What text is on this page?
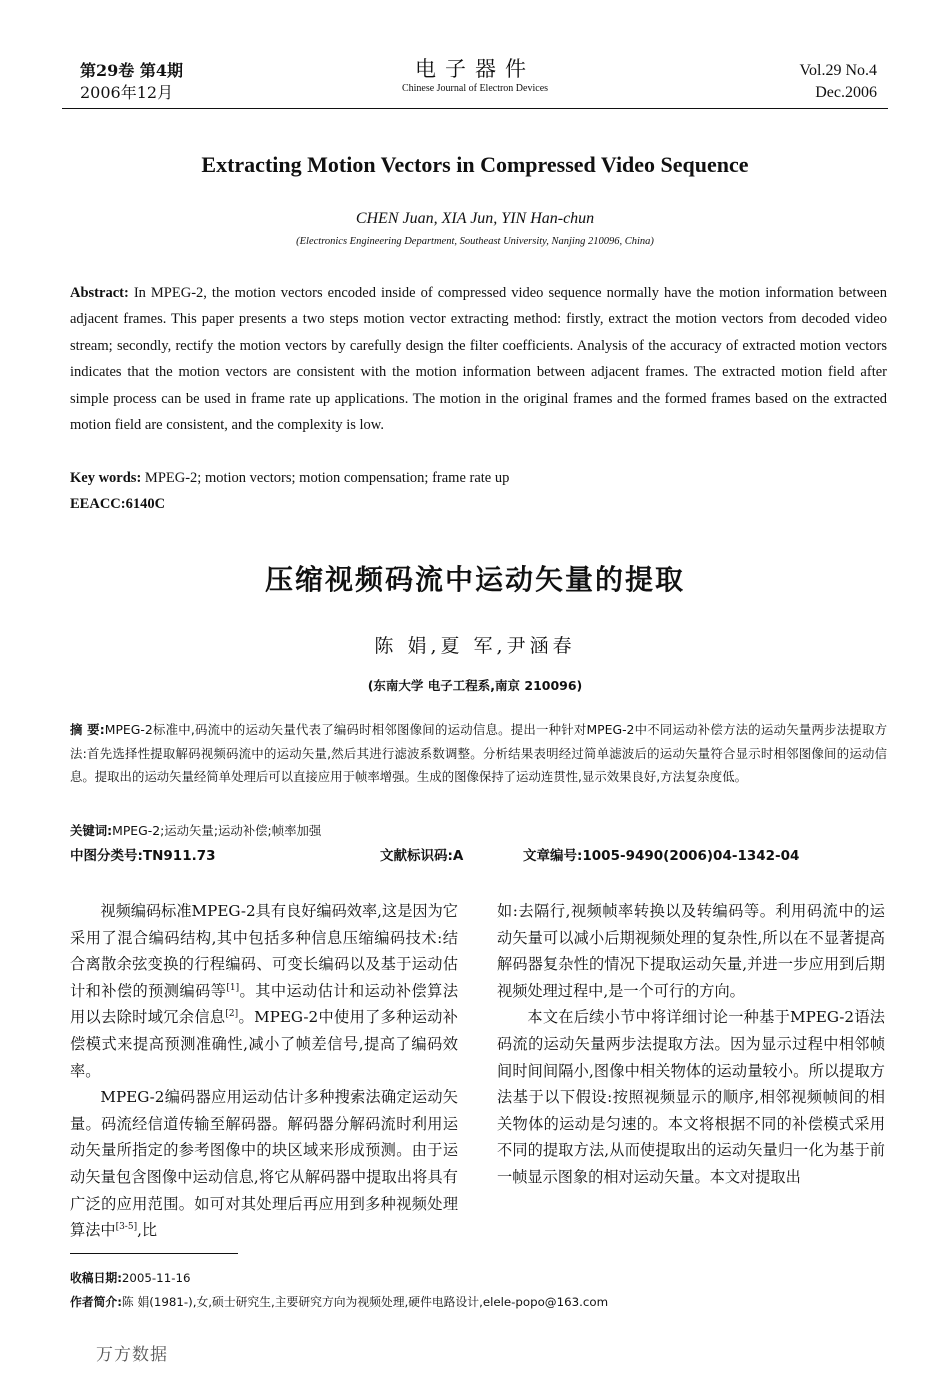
第29卷 第4期
2006年12月
电子器件
Chinese Journal of Electron Devices
Vol.29 No.4
Dec.2006
Extracting Motion Vectors in Compressed Video Sequence
CHEN Juan, XIA Jun, YIN Han-chun
(Electronics Engineering Department, Southeast University, Nanjing 210096, China)
Abstract: In MPEG-2, the motion vectors encoded inside of compressed video sequence normally have the motion information between adjacent frames. This paper presents a two steps motion vector extracting method: firstly, extract the motion vectors from decoded video stream; secondly, rectify the motion vectors by carefully design the filter coefficients. Analysis of the accuracy of extracted motion vectors indicates that the motion vectors are consistent with the motion information between adjacent frames. The extracted motion field after simple process can be used in frame rate up applications. The motion in the original frames and the formed frames based on the extracted motion field are consistent, and the complexity is low.
Key words: MPEG-2; motion vectors; motion compensation; frame rate up
EEACC:6140C
压缩视频码流中运动矢量的提取
陈 娟,夏 军,尹涵春
(东南大学 电子工程系,南京 210096)
摘 要:MPEG-2标准中,码流中的运动矢量代表了编码时相邻图像间的运动信息。提出一种针对MPEG-2中不同运动补偿方法的运动矢量两步法提取方法:首先选择性提取解码视频码流中的运动矢量,然后其进行滤波系数调整。分析结果表明经过简单滤波后的运动矢量符合显示时相邻图像间的运动信息。提取出的运动矢量经简单处理后可以直接应用于帧率增强。生成的图像保持了运动连贯性,显示效果良好,方法复杂度低。
关键词:MPEG-2;运动矢量;运动补偿;帧率加强
中图分类号:TN911.73	文献标识码:A	文章编号:1005-9490(2006)04-1342-04

视频编码标准MPEG-2具有良好编码效率,这是因为它采用了混合编码结构,其中包括多种信息压缩编码技术:结合离散余弦变换的行程编码、可变长编码以及基于运动估计和补偿的预测编码等[1]。其中运动估计和运动补偿算法用以去除时域冗余信息[2]。MPEG-2中使用了多种运动补偿模式来提高预测准确性,减小了帧差信号,提高了编码效率。

MPEG-2编码器应用运动估计多种搜索法确定运动矢量。码流经信道传输至解码器。解码器分解码流时利用运动矢量所指定的参考图像中的块区域来形成预测。由于运动矢量包含图像中运动信息,将它从解码器中提取出将具有广泛的应用范围。如可对其处理后再应用到多种视频处理算法中[3-5],比

如:去隔行,视频帧率转换以及转编码等。利用码流中的运动矢量可以减小后期视频处理的复杂性,所以在不显著提高解码器复杂性的情况下提取运动矢量,并进一步应用到后期视频处理过程中,是一个可行的方向。

本文在后续小节中将详细讨论一种基于MPEG-2语法码流的运动矢量两步法提取方法。因为显示过程中相邻帧间时间间隔小,图像中相关物体的运动量较小。所以提取方法基于以下假设:按照视频显示的顺序,相邻视频帧间的相关物体的运动是匀速的。本文将根据不同的补偿模式采用不同的提取方法,从而使提取出的运动矢量归一化为基于前一帧显示图象的相对运动矢量。本文对提取出

收稿日期:2005-11-16
作者简介:陈 娟(1981-),女,硕士研究生,主要研究方向为视频处理,硬件电路设计,elele-popo@163.com
万方数据
